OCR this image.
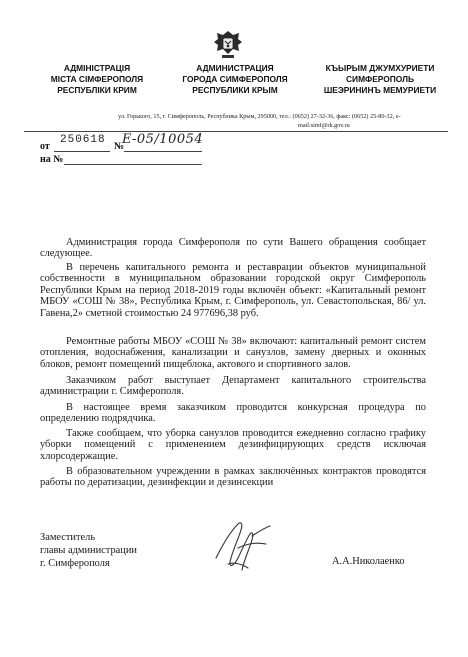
АДМІНІСТРАЦІЯ
МІСТА СІМФЕРОПОЛЯ
РЕСПУБЛІКИ КРИМ
АДМИНИСТРАЦИЯ
ГОРОДА СИМФЕРОПОЛЯ
РЕСПУБЛИКИ КРЫМ
КЪЫРЫМ ДЖУМХУРИЕТИ
СИМФЕРОПОЛЬ
ШЕЭРИНИНЪ МЕМУРИЕТИ
ул. Горького, 15, г. Симферополь, Республика Крым, 295000, тел.: (0652) 27-32-36, факс: (0652) 25-80-32, e-
mail:simf@rk.gov.ru
от
250618
№
Е-05/10054
на №

Администрация города Симферополя по сути Вашего обращения сообщает следующее.

В перечень капитального ремонта и реставрации объектов муниципальной собственности в муниципальном образовании городской округ Симферополь Республики Крым на период 2018-2019 годы включён объект: «Капитальный ремонт МБОУ «СОШ № 38», Республика Крым, г. Симферополь, ул. Севастопольская, 86/ ул. Гавена,2» сметной стоимостью 24 977696,38 руб.

Ремонтные работы МБОУ «СОШ № 38» включают: капитальный ремонт систем отопления, водоснабжения, канализации и санузлов, замену дверных и оконных блоков, ремонт помещений пищеблока, актового и спортивного залов.

Заказчиком работ выступает Департамент капитального строительства администрации г. Симферополя.

В настоящее время заказчиком проводится конкурсная процедура по определению подрядчика.

Также сообщаем, что уборка санузлов проводится ежедневно согласно графику уборки помещений с применением дезинфицирующих средств исключая хлорсодержащие.

В образовательном учреждении в рамках заключённых контрактов проводятся работы по дератизации, дезинфекции и дезинсекции

Заместитель
главы администрации
г. Симферополя	А.А.Николаенко
